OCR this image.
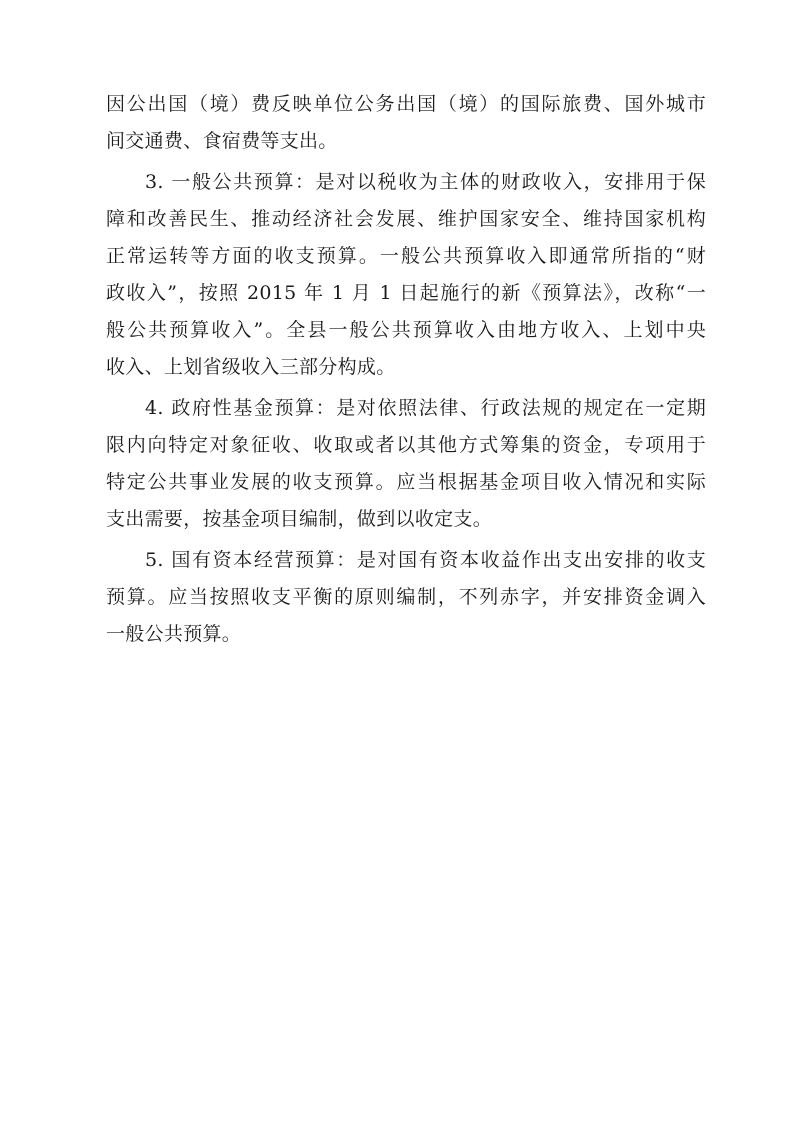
因公出国（境）费反映单位公务出国（境）的国际旅费、国外城市
间交通费、食宿费等支出。
3. 一般公共预算：是对以税收为主体的财政收入，安排用于保
障和改善民生、推动经济社会发展、维护国家安全、维持国家机构
正常运转等方面的收支预算。一般公共预算收入即通常所指的“财
政收入”，按照 2015 年 1 月 1 日起施行的新《预算法》，改称“一
般公共预算收入”。全县一般公共预算收入由地方收入、上划中央
收入、上划省级收入三部分构成。
4. 政府性基金预算：是对依照法律、行政法规的规定在一定期
限内向特定对象征收、收取或者以其他方式筹集的资金，专项用于
特定公共事业发展的收支预算。应当根据基金项目收入情况和实际
支出需要，按基金项目编制，做到以收定支。
5. 国有资本经营预算：是对国有资本收益作出支出安排的收支
预算。应当按照收支平衡的原则编制，不列赤字，并安排资金调入
一般公共预算。
